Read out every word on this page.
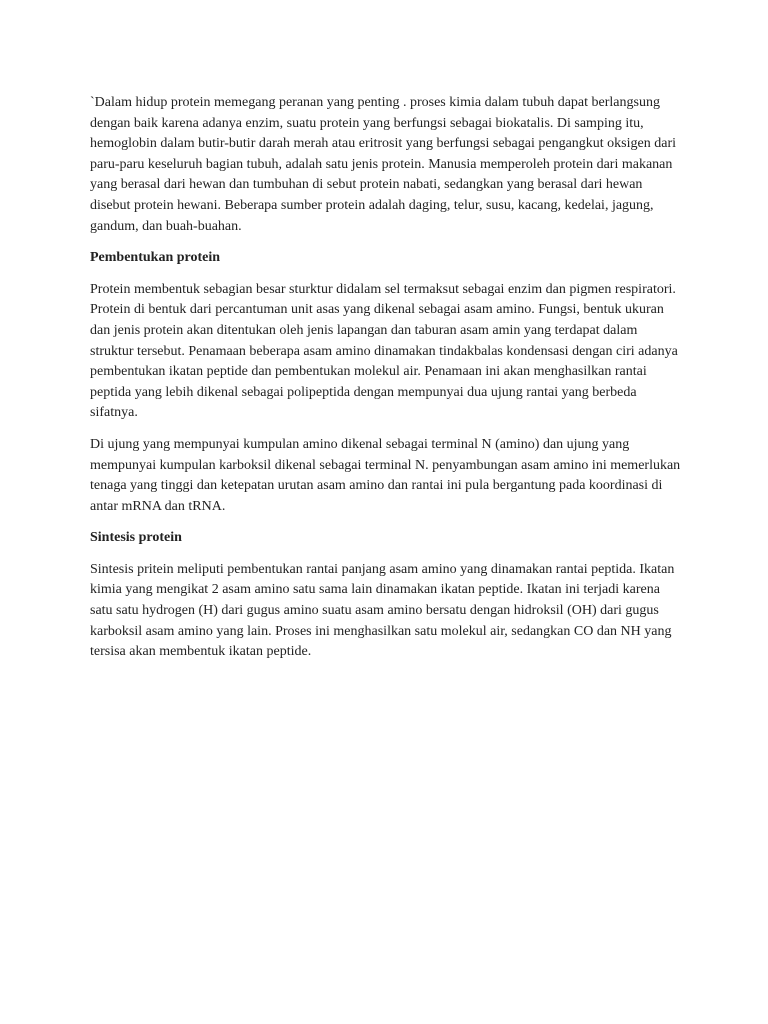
`Dalam hidup protein memegang peranan yang penting . proses kimia dalam tubuh dapat berlangsung dengan baik karena adanya enzim, suatu protein yang berfungsi sebagai biokatalis. Di samping itu, hemoglobin dalam butir-butir darah merah atau eritrosit yang berfungsi sebagai pengangkut oksigen dari paru-paru keseluruh bagian tubuh, adalah satu jenis protein. Manusia memperoleh protein dari makanan yang berasal dari hewan dan tumbuhan di sebut protein nabati, sedangkan yang berasal dari hewan disebut protein hewani. Beberapa sumber protein adalah daging, telur, susu, kacang, kedelai, jagung, gandum, dan buah-buahan.

Pembentukan protein

Protein membentuk sebagian besar sturktur didalam sel termaksut sebagai enzim dan pigmen respiratori. Protein di bentuk dari percantuman unit asas yang dikenal sebagai asam amino. Fungsi, bentuk ukuran dan jenis protein akan ditentukan oleh jenis lapangan dan taburan asam amin yang terdapat dalam struktur tersebut. Penamaan beberapa asam amino dinamakan tindakbalas kondensasi dengan ciri adanya pembentukan ikatan peptide dan pembentukan molekul air. Penamaan ini akan menghasilkan rantai peptida yang lebih dikenal sebagai polipeptida dengan mempunyai dua ujung rantai yang berbeda sifatnya.

Di ujung yang mempunyai kumpulan amino dikenal sebagai terminal N (amino) dan ujung yang mempunyai kumpulan karboksil dikenal sebagai terminal N. penyambungan asam amino ini memerlukan tenaga yang tinggi dan ketepatan urutan asam amino dan rantai ini pula bergantung pada koordinasi di antar mRNA dan tRNA.

Sintesis protein

Sintesis pritein meliputi pembentukan rantai panjang asam amino yang dinamakan rantai peptida. Ikatan kimia yang mengikat 2 asam amino satu sama lain dinamakan ikatan peptide. Ikatan ini terjadi karena satu satu hydrogen (H) dari gugus amino suatu asam amino bersatu dengan hidroksil (OH) dari gugus karboksil asam amino yang lain. Proses ini menghasilkan satu molekul air, sedangkan CO dan NH yang tersisa akan membentuk ikatan peptide.
